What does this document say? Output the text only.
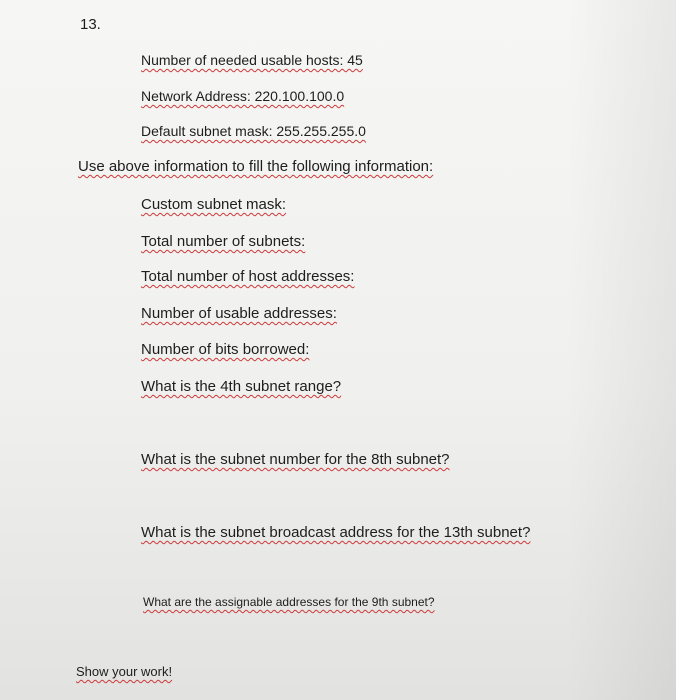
13.
Number of needed usable hosts: 45
Network Address: 220.100.100.0
Default subnet mask: 255.255.255.0
Use above information to fill the following information:
Custom subnet mask:
Total number of subnets:
Total number of host addresses:
Number of usable addresses:
Number of bits borrowed:
What is the 4th subnet range?
What is the subnet number for the 8th subnet?
What is the subnet broadcast address for the 13th subnet?
What are the assignable addresses for the 9th subnet?
Show your work!
